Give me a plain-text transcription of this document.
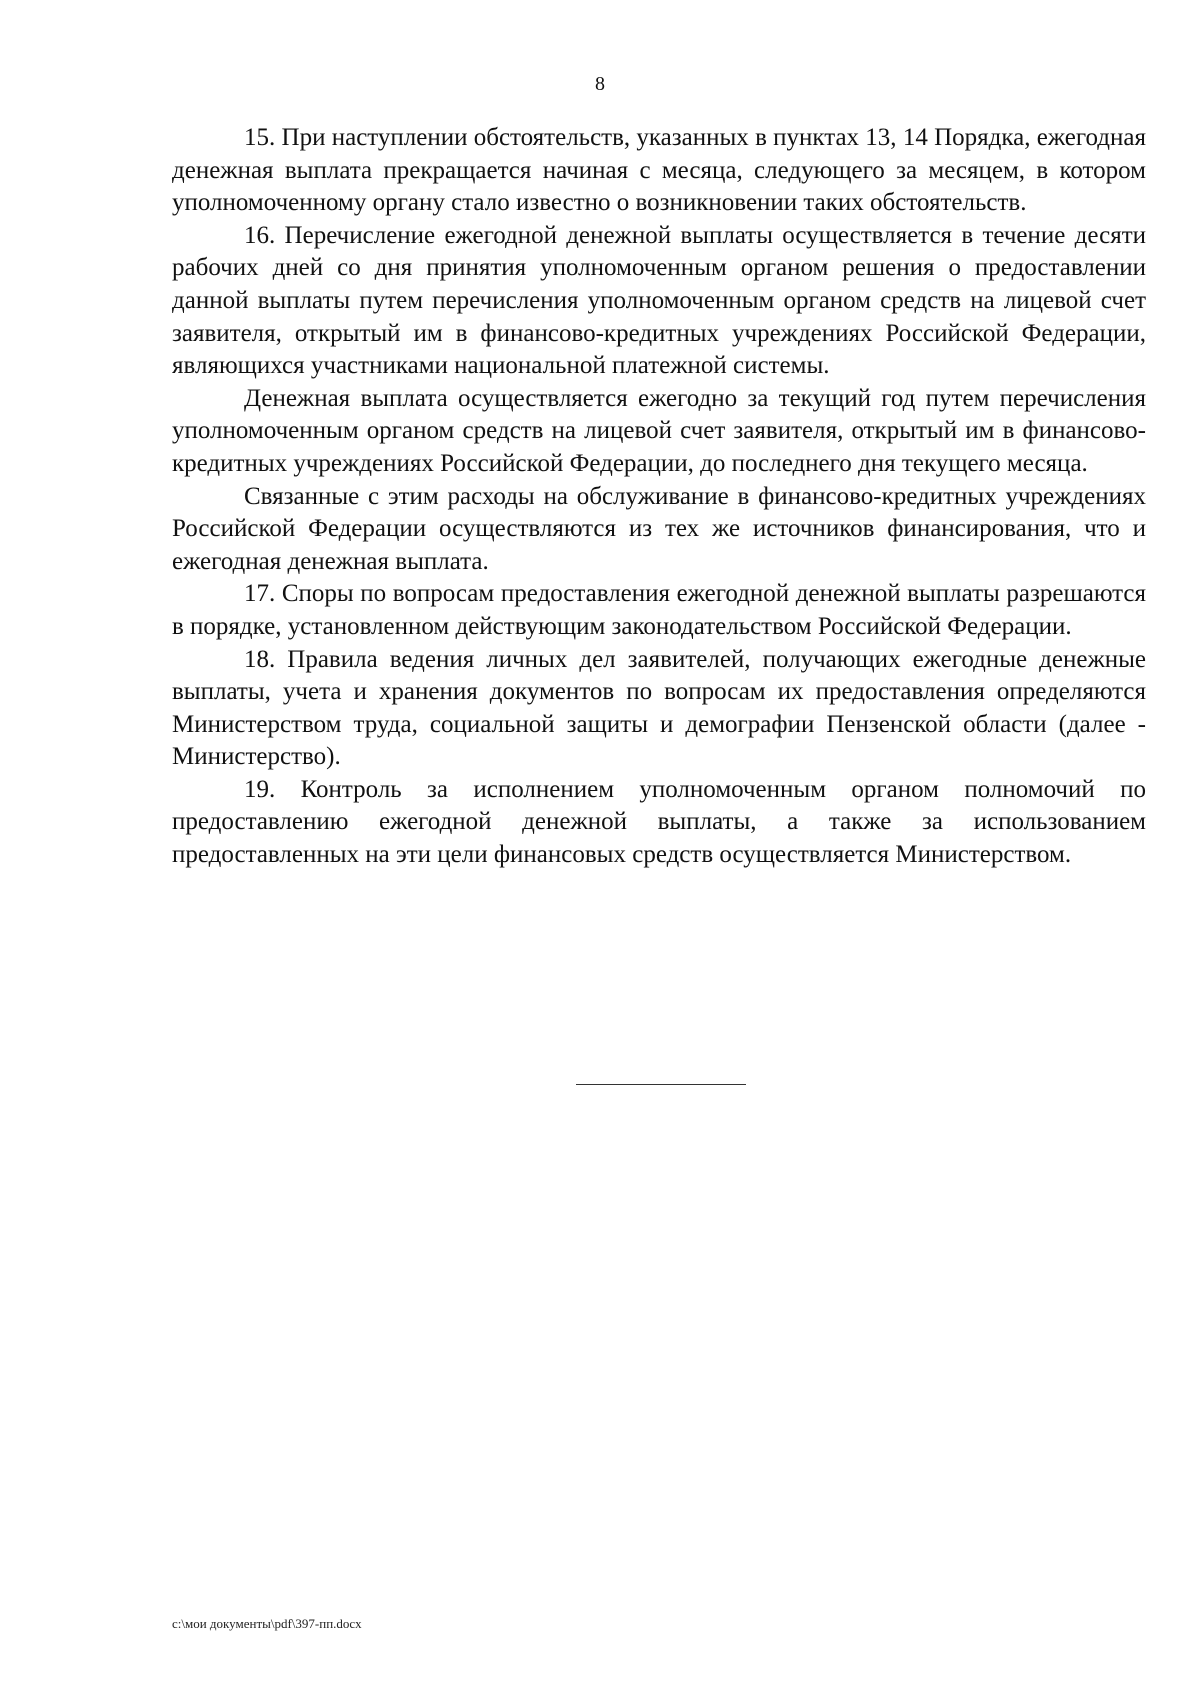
8

15. При наступлении обстоятельств, указанных в пунктах 13, 14 Порядка, ежегодная денежная выплата прекращается начиная с месяца, следующего за месяцем, в котором уполномоченному органу стало известно о возникновении таких обстоятельств.

16. Перечисление ежегодной денежной выплаты осуществляется в течение десяти рабочих дней со дня принятия уполномоченным органом решения о предоставлении данной выплаты путем перечисления уполномоченным органом средств на лицевой счет заявителя, открытый им в финансово-кредитных учреждениях Российской Федерации, являющихся участниками национальной платежной системы.

Денежная выплата осуществляется ежегодно за текущий год путем перечисления уполномоченным органом средств на лицевой счет заявителя, открытый им в финансово-кредитных учреждениях Российской Федерации, до последнего дня текущего месяца.

Связанные с этим расходы на обслуживание в финансово-кредитных учреждениях Российской Федерации осуществляются из тех же источников финансирования, что и ежегодная денежная выплата.

17. Споры по вопросам предоставления ежегодной денежной выплаты разрешаются в порядке, установленном действующим законодательством Российской Федерации.

18. Правила ведения личных дел заявителей, получающих ежегодные денежные выплаты, учета и хранения документов по вопросам их предоставления определяются Министерством труда, социальной защиты и демографии Пензенской области (далее - Министерство).

19. Контроль за исполнением уполномоченным органом полномочий по предоставлению ежегодной денежной выплаты, а также за использованием предоставленных на эти цели финансовых средств осуществляется Министерством.

с:\мои документы\pdf\397-пп.docx
